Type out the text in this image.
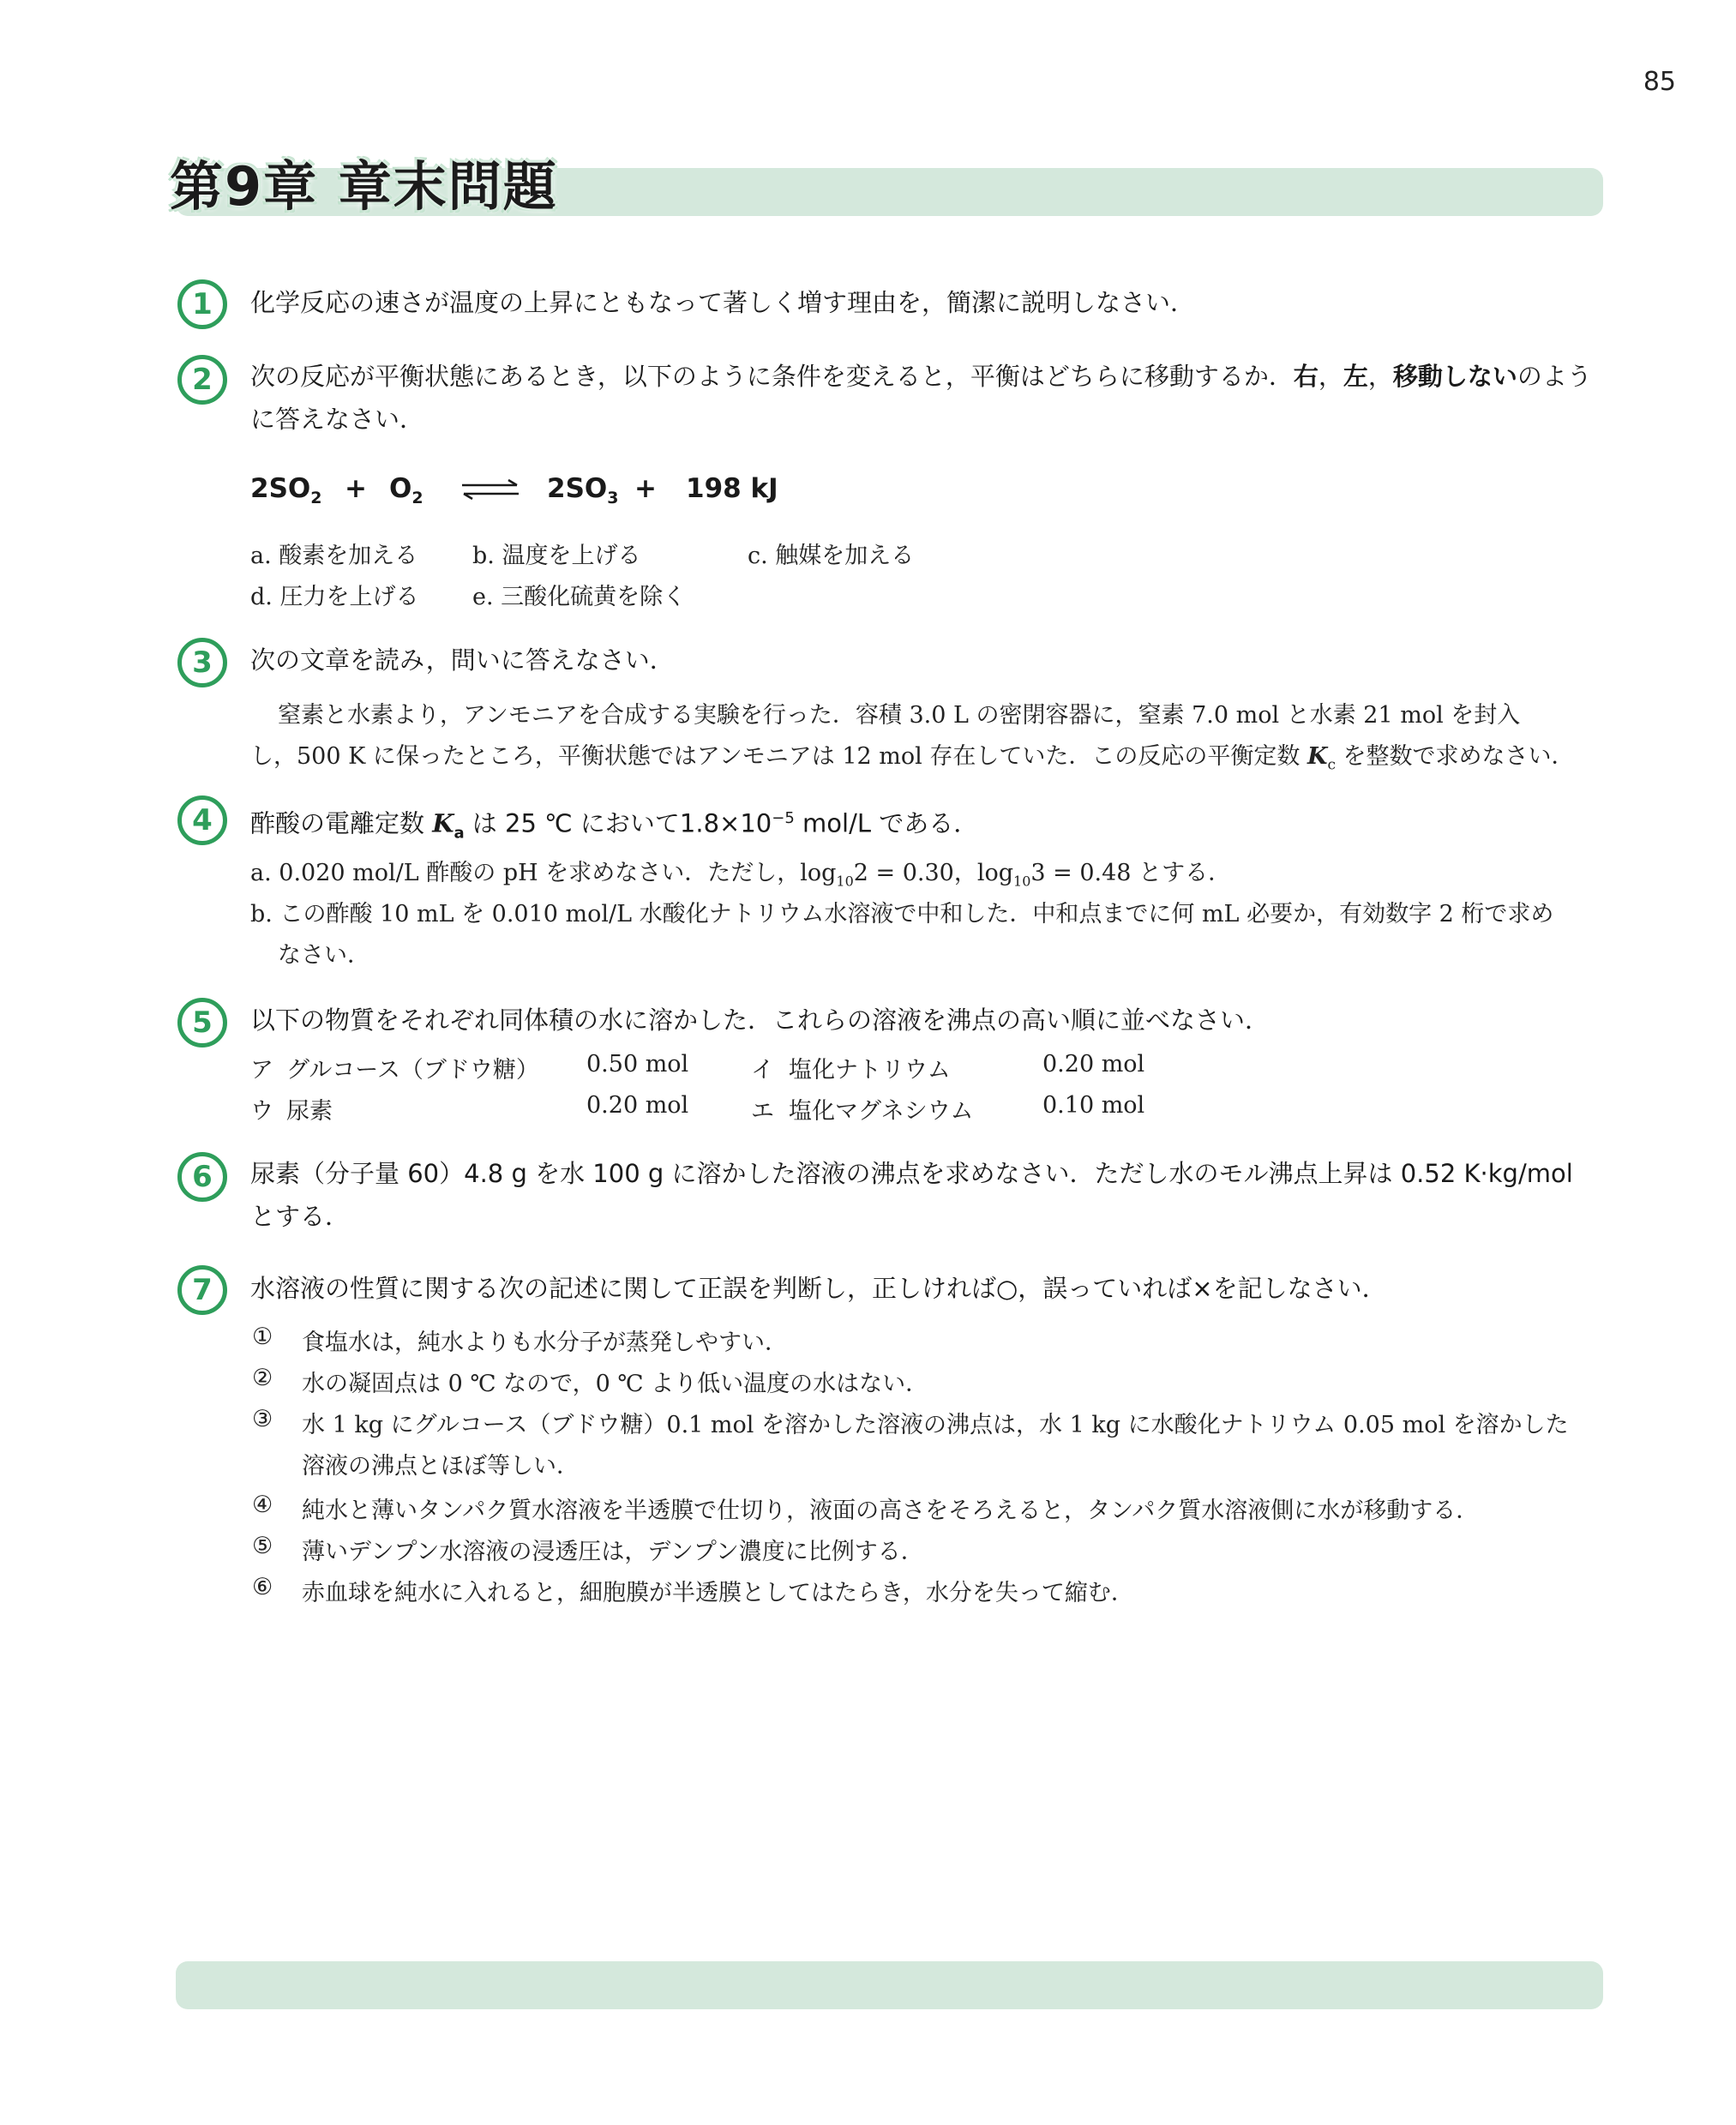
85
第9章 章末問題
1	化学反応の速さが温度の上昇にともなって著しく増す理由を，簡潔に説明しなさい．
2	次の反応が平衡状態にあるとき，以下のように条件を変えると，平衡はどちらに移動するか．右，左，移動しないのよう
に答えなさい．
$2SO_2 + O_2$ ⇌ $2SO_3 + 198$ kJ
a. 酸素を加える b. 温度を上げる	c. 触媒を加える
d. 圧力を上げる e. 三酸化硫黄を除く
3	次の文章を読み，問いに答えなさい．
窒素と水素より，アンモニアを合成する実験を行った．容積 3.0 L の密閉容器に，窒素 7.0 mol と水素 21 mol を封入
し，500 K に保ったところ，平衡状態ではアンモニアは 12 mol 存在していた．この反応の平衡定数 $K_c$ を整数で求めなさい．
4	酢酸の電離定数 $K_a$ は 25 ℃ において$1.8\times 10^{-5}$ mol/L である．
a. 0.020 mol/L 酢酸の pH を求めなさい．ただし，$\log_{10}2 = 0.30$，$\log_{10}3 = 0.48$ とする．
b. この酢酸 10 mL を 0.010 mol/L 水酸化ナトリウム水溶液で中和した．中和点までに何 mL 必要か，有効数字 2 桁で求め
なさい．
5	以下の物質をそれぞれ同体積の水に溶かした．これらの溶液を沸点の高い順に並べなさい．
ア グルコース（ブドウ糖） 0.50 mol	イ 塩化ナトリウム	0.20 mol
ウ 尿素	0.20 mol	エ 塩化マグネシウム	0.10 mol
6	尿素（分子量 60）4.8 g を水 100 g に溶かした溶液の沸点を求めなさい．ただし水のモル沸点上昇は 0.52 K·kg/mol
とする．
7	水溶液の性質に関する次の記述に関して正誤を判断し，正しければ○，誤っていれば×を記しなさい．
① 食塩水は，純水よりも水分子が蒸発しやすい．
② 水の凝固点は 0 ℃ なので，0 ℃ より低い温度の水はない．
③ 水 1 kg にグルコース（ブドウ糖）0.1 mol を溶かした溶液の沸点は，水 1 kg に水酸化ナトリウム 0.05 mol を溶かした
溶液の沸点とほぼ等しい．
④ 純水と薄いタンパク質水溶液を半透膜で仕切り，液面の高さをそろえると，タンパク質水溶液側に水が移動する．
⑤ 薄いデンプン水溶液の浸透圧は，デンプン濃度に比例する．
⑥ 赤血球を純水に入れると，細胞膜が半透膜としてはたらき，水分を失って縮む．
